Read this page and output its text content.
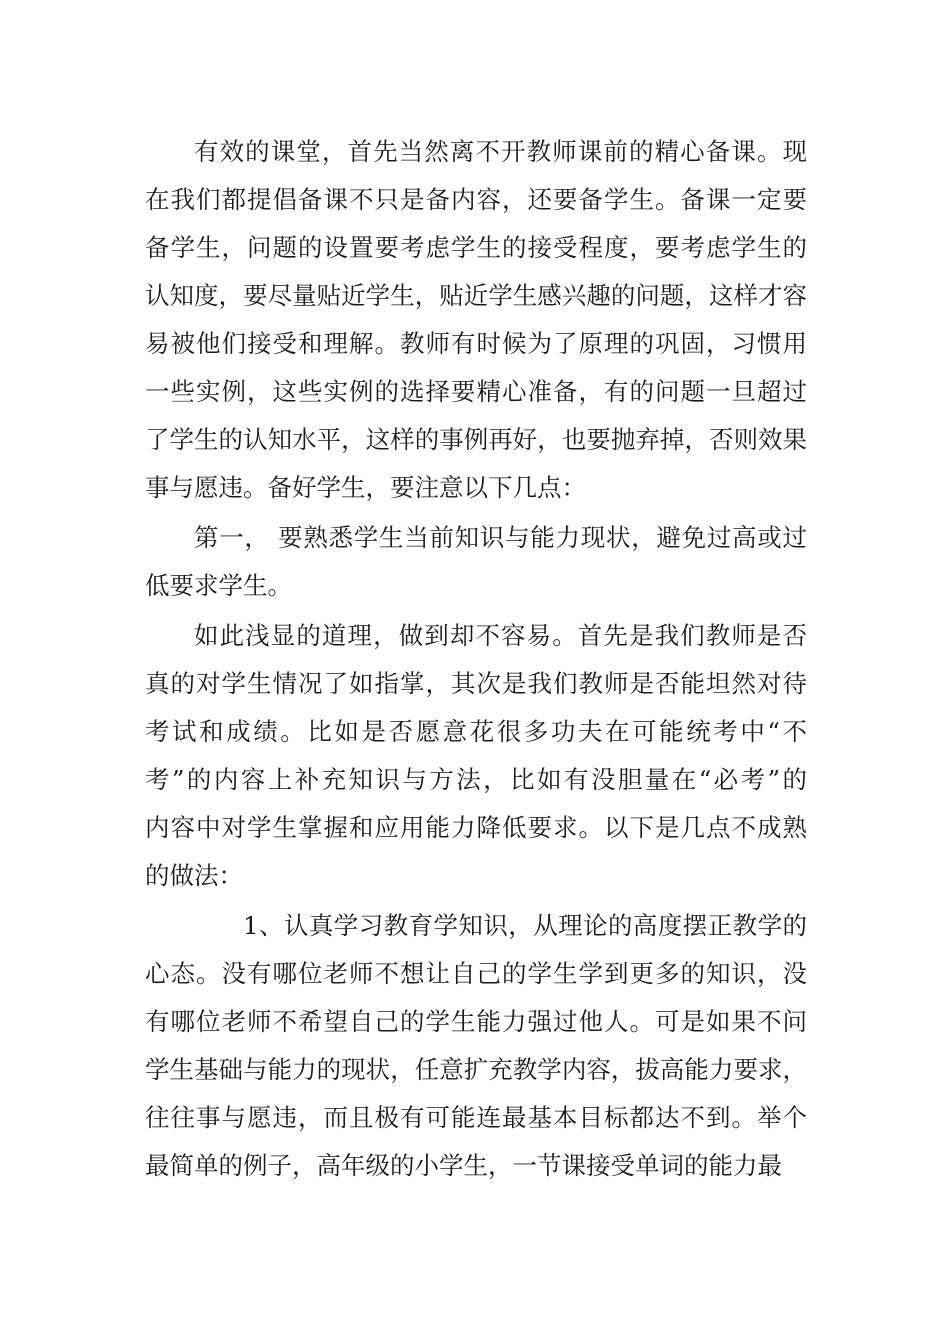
有效的课堂，首先当然离不开教师课前的精心备课。现
在我们都提倡备课不只是备内容，还要备学生。备课一定要
备学生，问题的设置要考虑学生的接受程度，要考虑学生的
认知度，要尽量贴近学生，贴近学生感兴趣的问题，这样才容
易被他们接受和理解。教师有时候为了原理的巩固，习惯用
一些实例，这些实例的选择要精心准备，有的问题一旦超过
了学生的认知水平，这样的事例再好，也要抛弃掉，否则效果
事与愿违。备好学生，要注意以下几点：
第一， 要熟悉学生当前知识与能力现状，避免过高或过
低要求学生。
如此浅显的道理，做到却不容易。首先是我们教师是否
真的对学生情况了如指掌，其次是我们教师是否能坦然对待
考试和成绩。比如是否愿意花很多功夫在可能统考中“不
考”的内容上补充知识与方法，比如有没胆量在“必考”的
内容中对学生掌握和应用能力降低要求。以下是几点不成熟
的做法：
1、认真学习教育学知识，从理论的高度摆正教学的
心态。没有哪位老师不想让自己的学生学到更多的知识，没
有哪位老师不希望自己的学生能力强过他人。可是如果不问
学生基础与能力的现状，任意扩充教学内容，拔高能力要求，
往往事与愿违，而且极有可能连最基本目标都达不到。举个
最简单的例子，高年级的小学生，一节课接受单词的能力最
